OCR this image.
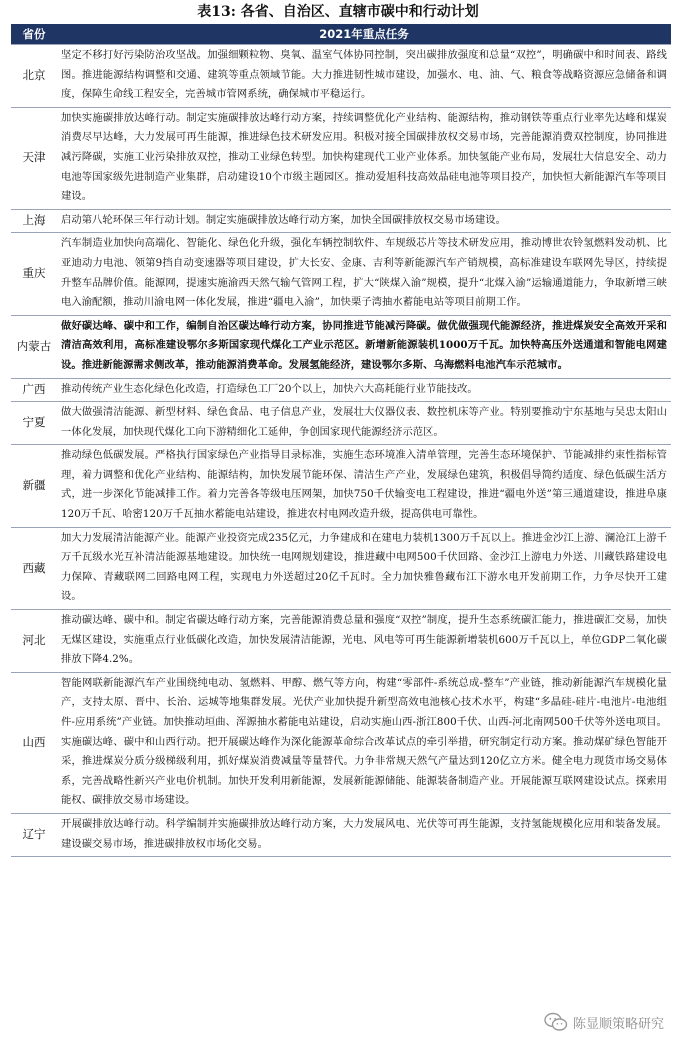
表13: 各省、自治区、直辖市碳中和行动计划
省份	2021年重点任务
北京	坚定不移打好污染防治攻坚战。加强细颗粒物、臭氧、温室气体协同控制，突出碳排放强度和总量“双控”，明确碳中和时间表、路线图。推进能源结构调整和交通、建筑等重点领域节能。大力推进韧性城市建设，加强水、电、油、气、粮食等战略资源应急储备和调度，保障生命线工程安全，完善城市管网系统，确保城市平稳运行。
天津	加快实施碳排放达峰行动。制定实施碳排放达峰行动方案，持续调整优化产业结构、能源结构，推动钢铁等重点行业率先达峰和煤炭消费尽早达峰，大力发展可再生能源，推进绿色技术研发应用。积极对接全国碳排放权交易市场，完善能源消费双控制度，协同推进减污降碳，实施工业污染排放双控，推动工业绿色转型。加快构建现代工业产业体系。加快氢能产业布局，发展壮大信息安全、动力电池等国家级先进制造产业集群，启动建设10个市级主题园区。推动爱旭科技高效晶硅电池等项目投产，加快恒大新能源汽车等项目建设。
上海	启动第八轮环保三年行动计划。制定实施碳排放达峰行动方案，加快全国碳排放权交易市场建设。
重庆	汽车制造业加快向高端化、智能化、绿色化升级，强化车辆控制软件、车规级芯片等技术研发应用，推动博世农铃氢燃料发动机、比亚迪动力电池、领第9挡自动变速器等项目建设，扩大长安、金康、吉利等新能源汽车产销规模，高标准建设车联网先导区，持续提升整车品牌价值。能源网，提速实施渝西天然气输气管网工程，扩大“陕煤入渝”规模，提升“北煤入渝”运输通道能力，争取新增三峡电入渝配额，推动川渝电网一体化发展，推进“疆电入渝”，加快栗子湾抽水蓄能电站等项目前期工作。
内蒙古	做好碳达峰、碳中和工作，编制自治区碳达峰行动方案，协同推进节能减污降碳。做优做强现代能源经济，推进煤炭安全高效开采和清洁高效利用，高标准建设鄂尔多斯国家现代煤化工产业示范区。新增新能源装机1000万千瓦。加快特高压外送通道和智能电网建设。推进新能源需求侧改革，推动能源消费革命。发展氢能经济，建设鄂尔多斯、乌海燃料电池汽车示范城市。
广西	推动传统产业生态化绿色化改造，打造绿色工厂20个以上，加快六大高耗能行业节能技改。
宁夏	做大做强清洁能源、新型材料、绿色食品、电子信息产业，发展壮大仪器仪表、数控机床等产业。特别要推动宁东基地与吴忠太阳山一体化发展，加快现代煤化工向下游精细化工延伸，争创国家现代能源经济示范区。
新疆	推动绿色低碳发展。严格执行国家绿色产业指导目录标准，实施生态环境准入清单管理，完善生态环境保护、节能减排约束性指标管理，着力调整和优化产业结构、能源结构，加快发展节能环保、清洁生产产业，发展绿色建筑，积极倡导简约适度、绿色低碳生活方式，进一步深化节能减排工作。着力完善各等级电压网架，加快750千伏输变电工程建设，推进“疆电外送”第三通道建设，推进阜康120万千瓦、哈密120万千瓦抽水蓄能电站建设，推进农村电网改造升级，提高供电可靠性。
西藏	加大力发展清洁能源产业。能源产业投资完成235亿元，力争建成和在建电力装机1300万千瓦以上。推进金沙江上游、澜沧江上游千万千瓦级水光互补清洁能源基地建设。加快统一电网规划建设，推进藏中电网500千伏回路、金沙江上游电力外送、川藏铁路建设电力保障、青藏联网二回路电网工程，实现电力外送超过20亿千瓦时。全力加快雅鲁藏布江下游水电开发前期工作，力争尽快开工建设。
河北	推动碳达峰、碳中和。制定省碳达峰行动方案，完善能源消费总量和强度“双控”制度，提升生态系统碳汇能力，推进碳汇交易，加快无煤区建设，实施重点行业低碳化改造，加快发展清洁能源，光电、风电等可再生能源新增装机600万千瓦以上，单位GDP二氧化碳排放下降4.2%。
山西	智能网联新能源汽车产业围绕纯电动、氢燃料、甲醇、燃气等方向，构建“零部件-系统总成-整车”产业链，推动新能源汽车规模化量产，支持太原、晋中、长治、运城等地集群发展。光伏产业加快提升新型高效电池核心技术水平，构建“多晶硅-硅片-电池片-电池组件-应用系统”产业链。加快推动垣曲、浑源抽水蓄能电站建设，启动实施山西-浙江800千伏、山西-河北南网500千伏等外送电项目。实施碳达峰、碳中和山西行动。把开展碳达峰作为深化能源革命综合改革试点的牵引举措，研究制定行动方案。推动煤矿绿色智能开采，推进煤炭分质分级梯级利用，抓好煤炭消费减量等量替代。力争非常规天然气产量达到120亿立方米。健全电力现货市场交易体系，完善战略性新兴产业电价机制。加快开发利用新能源，发展新能源储能、能源装备制造产业。开展能源互联网建设试点。探索用能权、碳排放交易市场建设。
辽宁	开展碳排放达峰行动。科学编制并实施碳排放达峰行动方案，大力发展风电、光伏等可再生能源，支持氢能规模化应用和装备发展。建设碳交易市场，推进碳排放权市场化交易。
陈显顺策略研究
